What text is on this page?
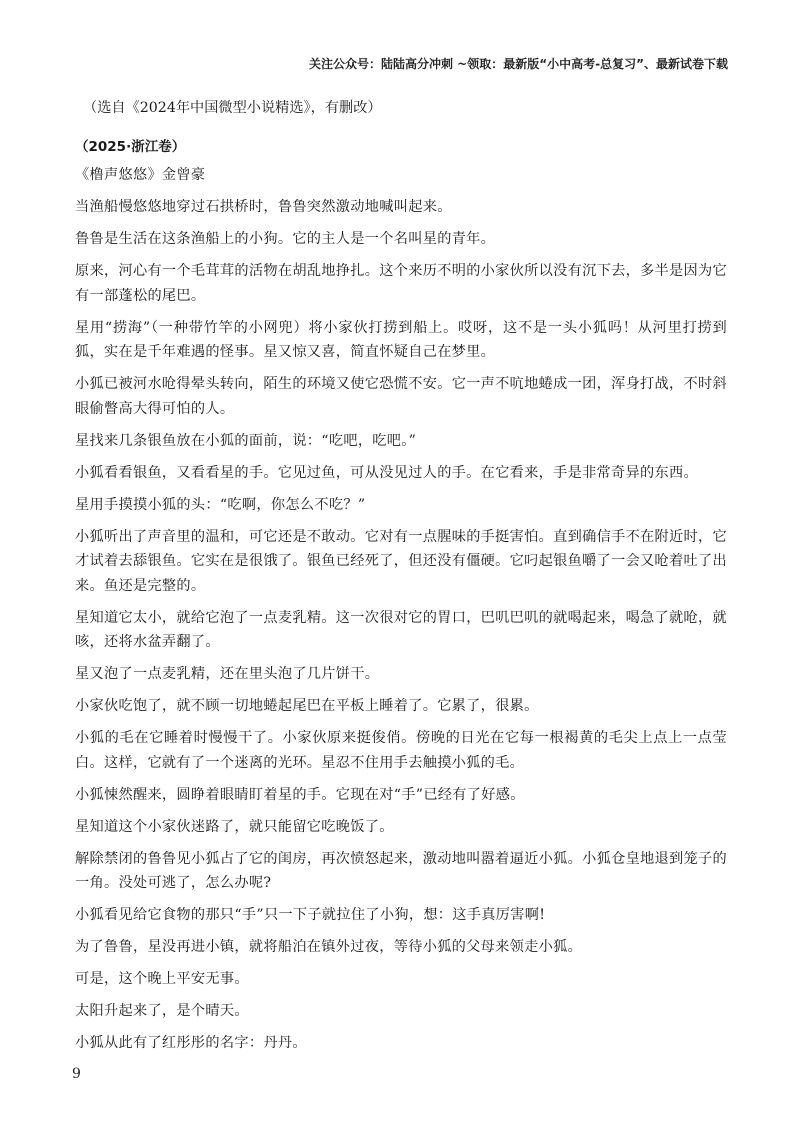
关注公众号：陆陆高分冲刺 ~领取：最新版“小中高考-总复习”、最新试卷下载

（选自《2024年中国微型小说精选》，有删改）

（2025·浙江卷）

《橹声悠悠》金曾豪

当渔船慢悠悠地穿过石拱桥时，鲁鲁突然激动地喊叫起来。

鲁鲁是生活在这条渔船上的小狗。它的主人是一个名叫星的青年。

原来，河心有一个毛茸茸的活物在胡乱地挣扎。这个来历不明的小家伙所以没有沉下去，多半是因为它有一部蓬松的尾巴。

星用“捞海”（一种带竹竿的小网兜）将小家伙打捞到船上。哎呀，这不是一头小狐吗！从河里打捞到狐，实在是千年难遇的怪事。星又惊又喜，简直怀疑自己在梦里。

小狐已被河水呛得晕头转向，陌生的环境又使它恐慌不安。它一声不吭地蜷成一团，浑身打战，不时斜眼偷瞥高大得可怕的人。

星找来几条银鱼放在小狐的面前，说：“吃吧，吃吧。”

小狐看看银鱼，又看看星的手。它见过鱼，可从没见过人的手。在它看来，手是非常奇异的东西。

星用手摸摸小狐的头：“吃啊，你怎么不吃？”

小狐听出了声音里的温和，可它还是不敢动。它对有一点腥味的手挺害怕。直到确信手不在附近时，它才试着去舔银鱼。它实在是很饿了。银鱼已经死了，但还没有僵硬。它叼起银鱼嚼了一会又呛着吐了出来。鱼还是完整的。

星知道它太小，就给它泡了一点麦乳精。这一次很对它的胃口，巴叽巴叽的就喝起来，喝急了就呛，就咳，还将水盆弄翻了。

星又泡了一点麦乳精，还在里头泡了几片饼干。

小家伙吃饱了，就不顾一切地蜷起尾巴在平板上睡着了。它累了，很累。

小狐的毛在它睡着时慢慢干了。小家伙原来挺俊俏。傍晚的日光在它每一根褐黄的毛尖上点上一点莹白。这样，它就有了一个迷离的光环。星忍不住用手去触摸小狐的毛。

小狐悚然醒来，圆睁着眼睛盯着星的手。它现在对“手”已经有了好感。

星知道这个小家伙迷路了，就只能留它吃晚饭了。

解除禁闭的鲁鲁见小狐占了它的闺房，再次愤怒起来，激动地叫嚣着逼近小狐。小狐仓皇地退到笼子的一角。没处可逃了，怎么办呢?

小狐看见给它食物的那只“手”只一下子就拉住了小狗，想：这手真厉害啊!

为了鲁鲁，星没再进小镇，就将船泊在镇外过夜，等待小狐的父母来领走小狐。

可是，这个晚上平安无事。

太阳升起来了，是个晴天。

小狐从此有了红彤彤的名字：丹丹。

9
